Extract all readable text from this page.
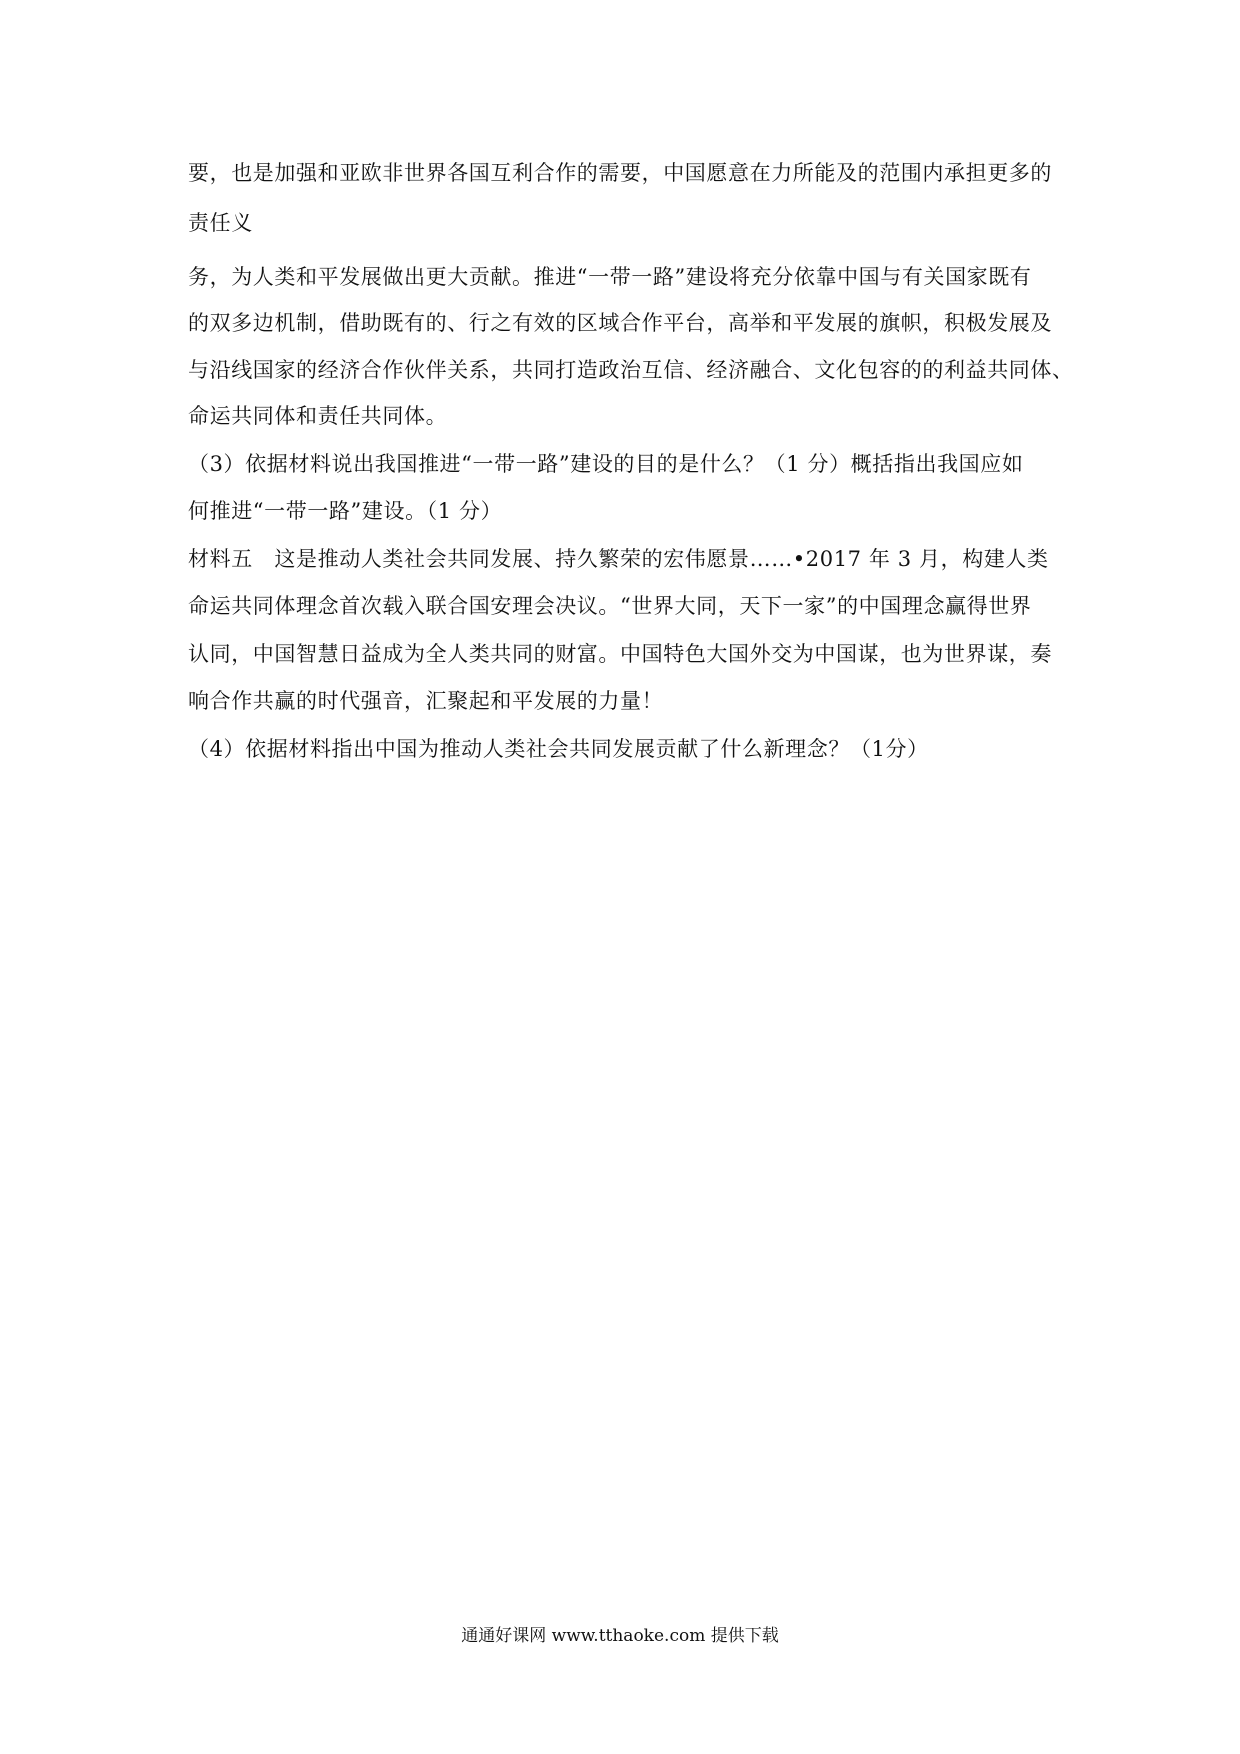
要，也是加强和亚欧非世界各国互利合作的需要，中国愿意在力所能及的范围内承担更多的
责任义
务，为人类和平发展做出更大贡献。推进“一带一路”建设将充分依靠中国与有关国家既有
的双多边机制，借助既有的、行之有效的区域合作平台，高举和平发展的旗帜，积极发展及
与沿线国家的经济合作伙伴关系，共同打造政治互信、经济融合、文化包容的的利益共同体、
命运共同体和责任共同体。
（3）依据材料说出我国推进“一带一路”建设的目的是什么？（1 分）概括指出我国应如
何推进“一带一路”建设。（1 分）
材料五　这是推动人类社会共同发展、持久繁荣的宏伟愿景……•2017 年 3 月，构建人类
命运共同体理念首次载入联合国安理会决议。“世界大同，天下一家”的中国理念赢得世界
认同，中国智慧日益成为全人类共同的财富。中国特色大国外交为中国谋，也为世界谋，奏
响合作共赢的时代强音，汇聚起和平发展的力量！
（4）依据材料指出中国为推动人类社会共同发展贡献了什么新理念？（1分）
通通好课网 www.tthaoke.com 提供下载
